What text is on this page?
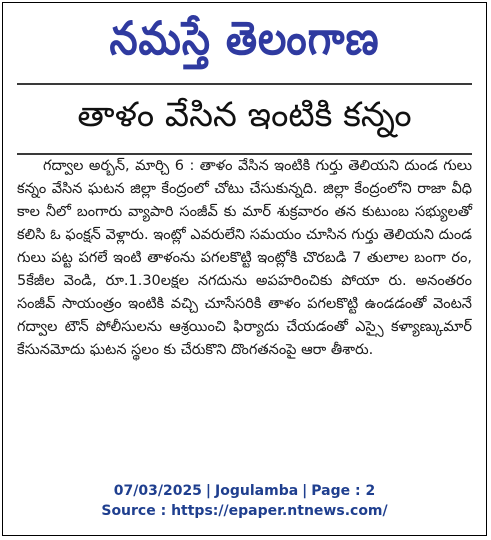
నమస్తే తెలంగాణ
తాళం వేసిన ఇంటికి కన్నం

గద్వాల అర్బన్, మార్చి 6 : తాళం వేసిన ఇంటికి గుర్తు తెలియని దుండ గులు కన్నం వేసిన ఘటన జిల్లా కేంద్రంలో చోటు చేసుకున్నది. జిల్లా కేంద్రంలోని రాజా వీధి కాల నీలో బంగారు వ్యాపారి సంజీవ్ కు మార్ శుక్రవారం తన కుటుంబ సభ్యులతో కలిసి ఓ ఫంక్షన్ వెళ్లారు. ఇంట్లో ఎవరులేని సమయం చూసిన గుర్తు తెలియని దుండ గులు పట్ట పగలే ఇంటి తాళంను పగలకొట్టి ఇంట్లోకి చొరబడి 7 తులాల బంగా రం, 5కేజీల వెండి, రూ.1.30లక్షల నగదును అపహరించికు పోయా రు. అనంతరం సంజీవ్ సాయంత్రం ఇంటికి వచ్చి చూసేసరికి తాళం పగలకొట్టి ఉండడంతో వెంటనే గద్వాల టౌన్ పోలీసులను ఆశ్రయించి ఫిర్యాదు చేయడంతో ఎస్సై కళ్యాణ్కుమార్ కేసునమోదు ఘటన స్థలం కు చేరుకొని దొంగతనంపై ఆరా తీశారు.

07/03/2025 | Jogulamba | Page : 2
Source : https://epaper.ntnews.com/
